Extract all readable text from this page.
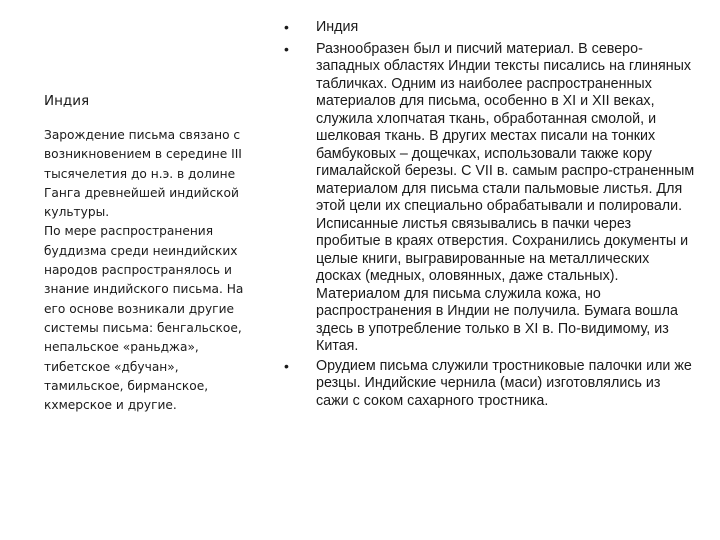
Индия

Зарождение письма связано с возникновением в середине III тысячелетия до н.э. в долине Ганга древнейшей индийской культуры.

По мере распространения буддизма среди неиндийских народов распространялось и знание индийского письма. На его основе возникали другие системы письма: бенгальское, непальское «раньджа», тибетское «дбучан», тамильское, бирманское, кхмерское и другие.

•	Индия

•	Разнообразен был и писчий материал. В северо-западных областях Индии тексты писались на глиняных табличках. Одним из наиболее распространенных материалов для письма, особенно в XI и XII веках, служила хлопчатая ткань, обработанная смолой, и шелковая ткань. В других местах писали на тонких бамбуковых – дощечках, использовали также кору гималайской березы. С VII в. самым распро-страненным материалом для письма стали пальмовые листья. Для этой цели их специально обрабатывали и полировали. Исписанные листья связывались в пачки через пробитые в краях отверстия. Сохранились документы и целые книги, выгравированные на металлических досках (медных, оловянных, даже стальных). Материалом для письма служила кожа, но распространения в Индии не получила. Бумага вошла здесь в употребление только в XI в. По-видимому, из Китая.

•	Орудием письма служили тростниковые палочки или же резцы. Индийские чернила (маси) изготовлялись из сажи с соком сахарного тростника.
